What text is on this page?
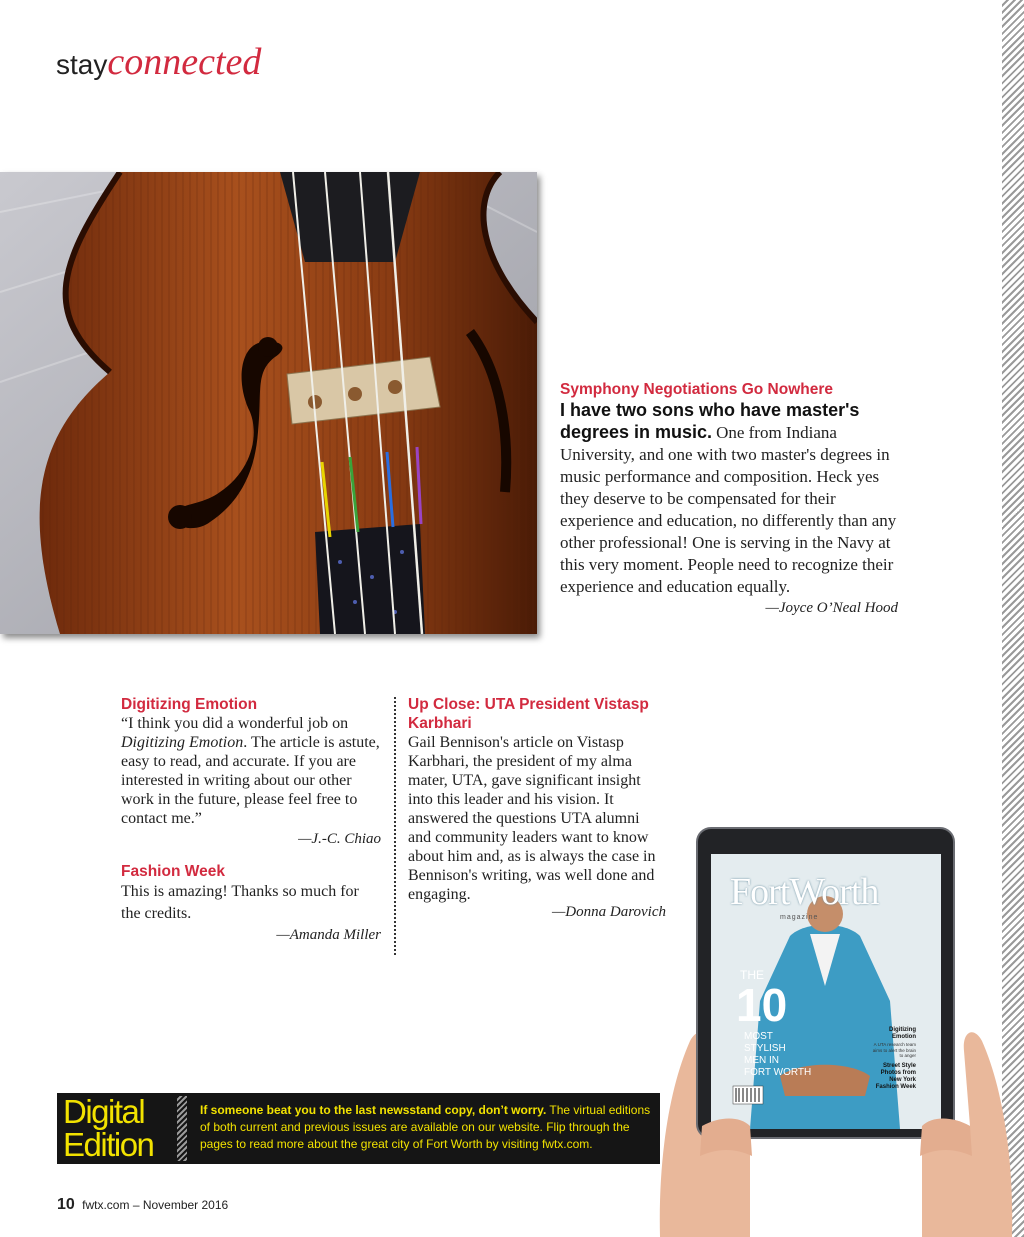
stayconnected
Symphony Negotiations Go Nowhere
I have two sons who have master's degrees in music. One from Indiana University, and one with two master's degrees in music performance and composition. Heck yes they deserve to be compensated for their experience and education, no differently than any other professional! One is serving in the Navy at this very moment. People need to recognize their experience and education equally.
—Joyce O’Neal Hood
Digitizing Emotion
“I think you did a wonderful job on Digitizing Emotion. The article is astute, easy to read, and accurate. If you are interested in writing about our other work in the future, please feel free to contact me.”
—J.-C. Chiao
Fashion Week
This is amazing! Thanks so much for the credits.
—Amanda Miller
Up Close: UTA President Vistasp Karbhari
Gail Bennison's article on Vistasp Karbhari, the president of my alma mater, UTA, gave significant insight into this leader and his vision. It answered the questions UTA alumni and community leaders want to know about him and, as is always the case in Bennison's writing, was well done and engaging.
—Donna Darovich
Digital
Edition
If someone beat you to the last newsstand copy, don’t worry. The virtual editions of both current and previous issues are available on our website. Flip through the pages to read more about the great city of Fort Worth by visiting fwtx.com.
10 fwtx.com – November 2016
FortWorth
magazine
THE
10
MOST
STYLISH
MEN IN
FORT WORTH
Digitizing Emotion
A UTA research team aims to alert the brain to anger
Street Style Photos from New York Fashion Week
